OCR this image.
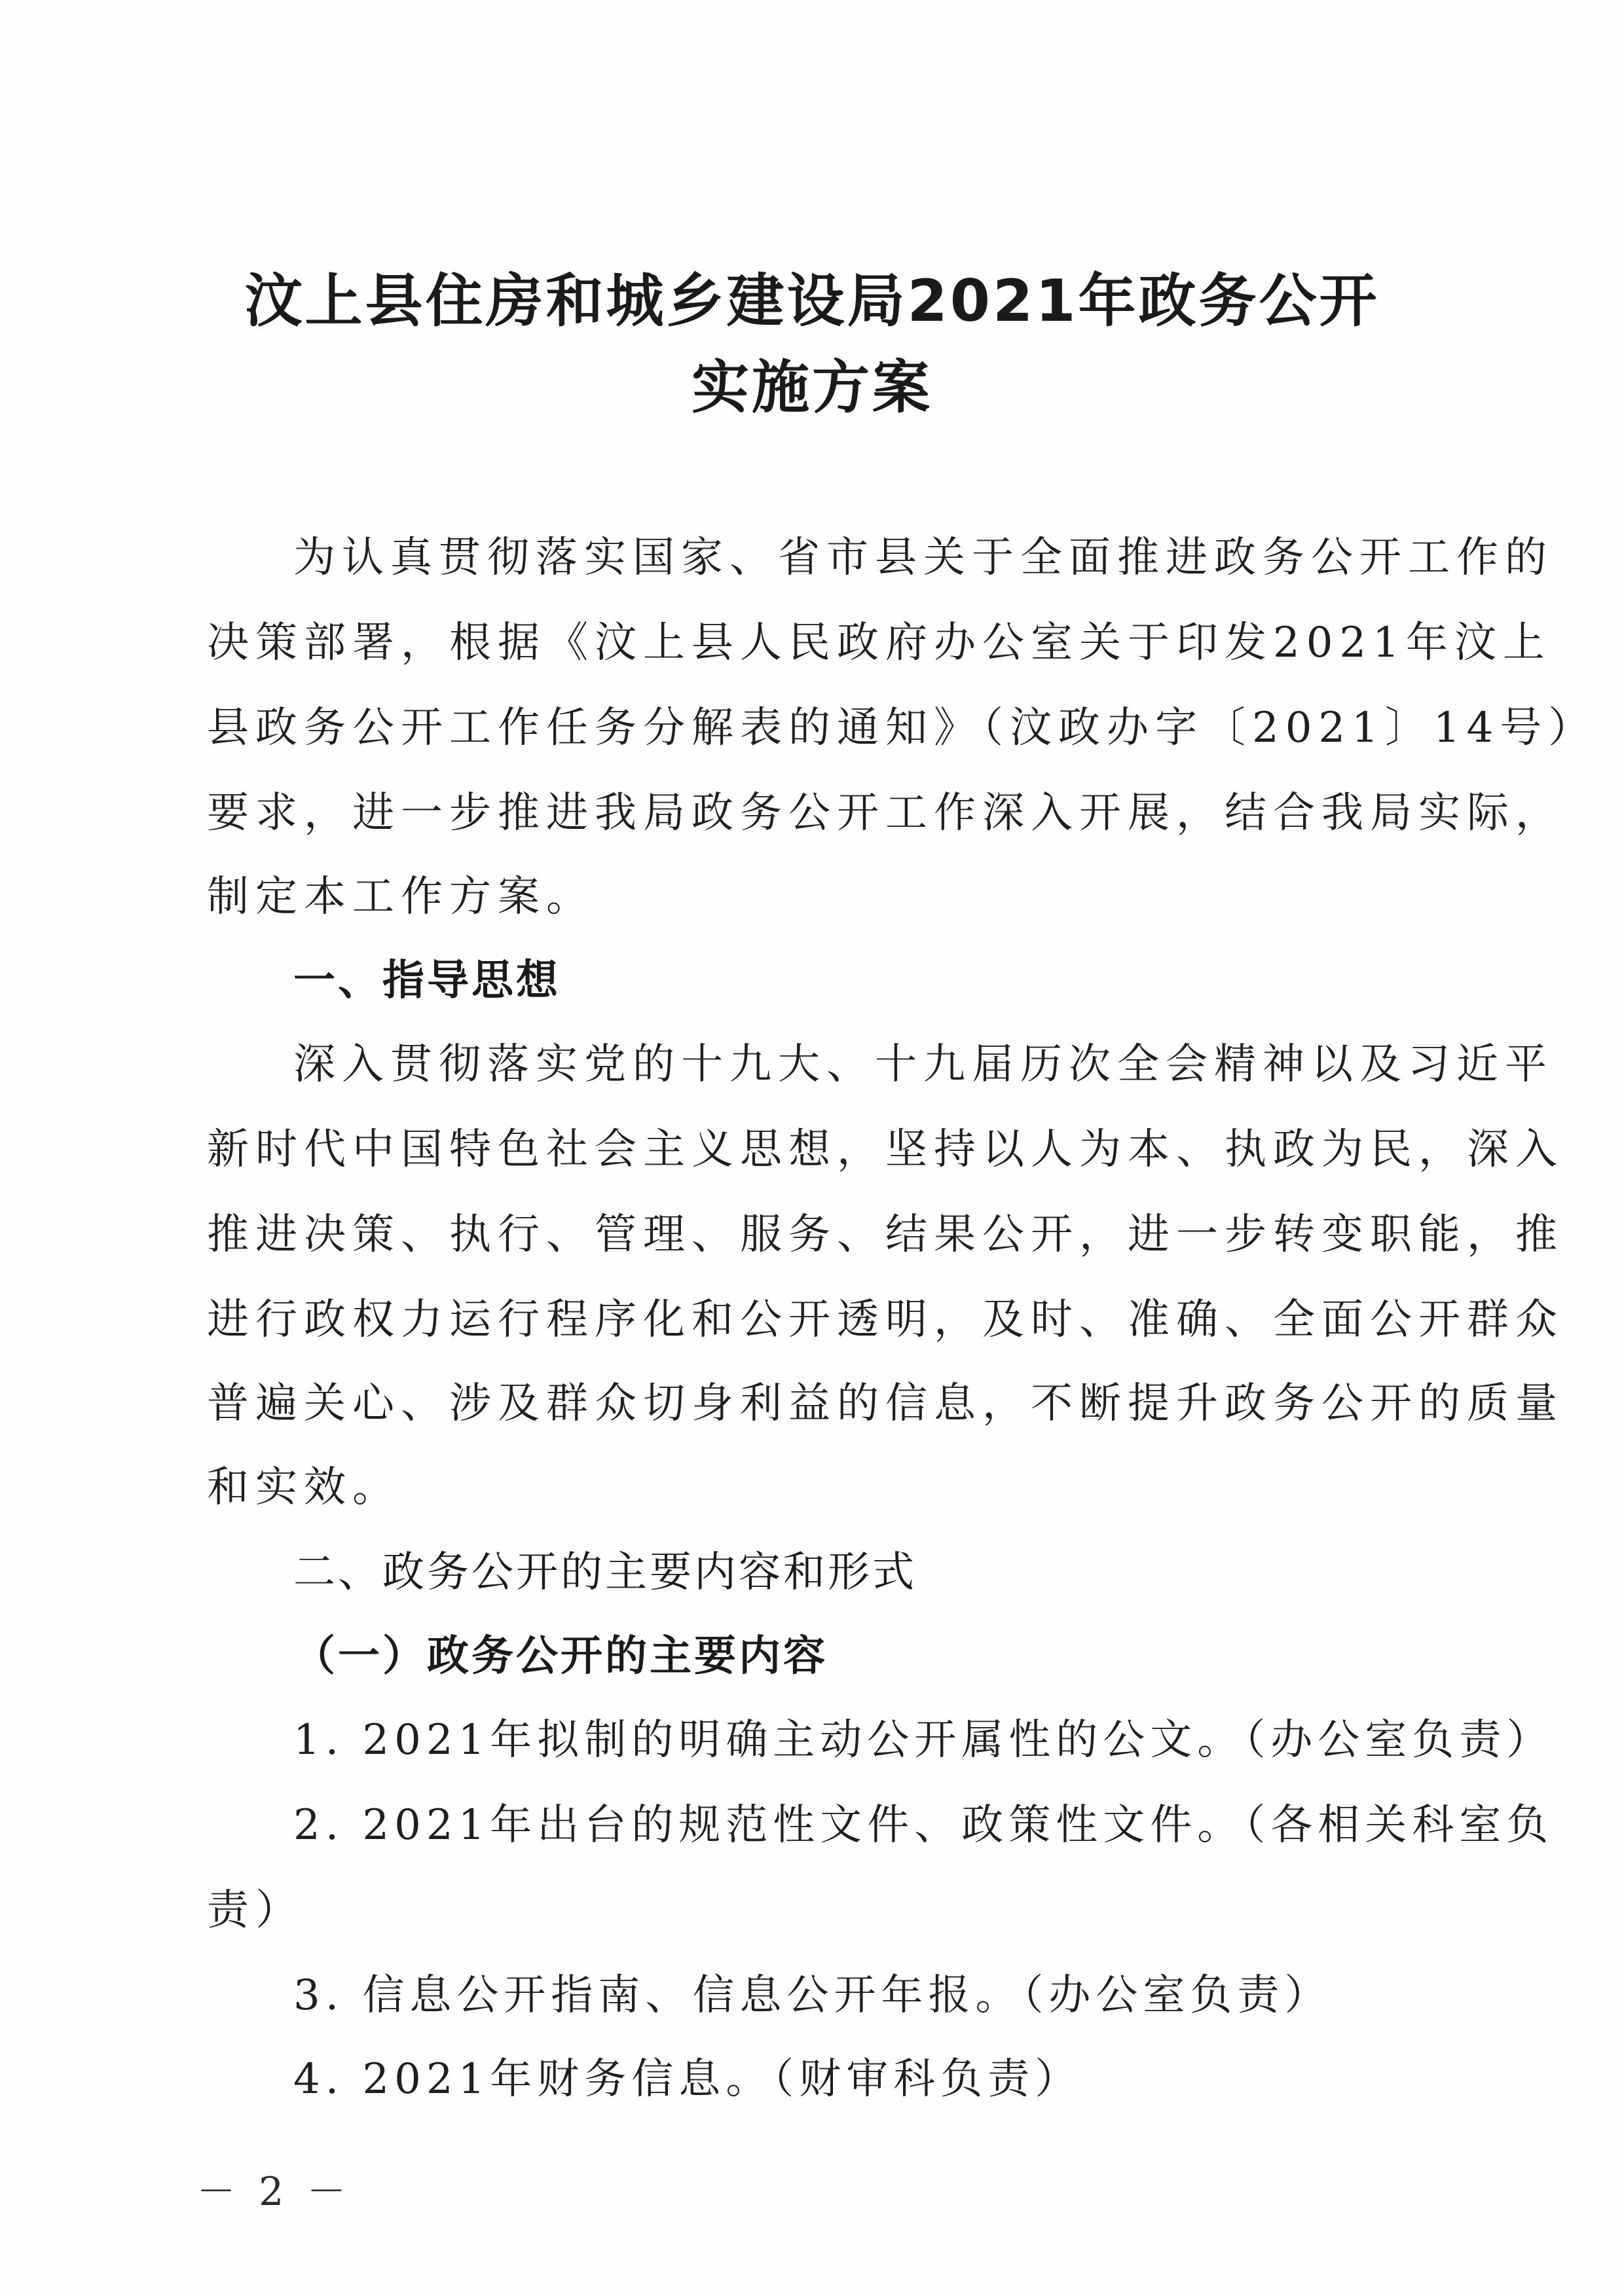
汶上县住房和城乡建设局2021年政务公开
实施方案
为认真贯彻落实国家、省市县关于全面推进政务公开工作的
决策部署，根据《汶上县人民政府办公室关于印发2021年汶上
县政务公开工作任务分解表的通知》（汶政办字〔2021〕14号）
要求，进一步推进我局政务公开工作深入开展，结合我局实际，
制定本工作方案。
一、指导思想
深入贯彻落实党的十九大、十九届历次全会精神以及习近平
新时代中国特色社会主义思想，坚持以人为本、执政为民，深入
推进决策、执行、管理、服务、结果公开，进一步转变职能，推
进行政权力运行程序化和公开透明，及时、准确、全面公开群众
普遍关心、涉及群众切身利益的信息，不断提升政务公开的质量
和实效。
二、政务公开的主要内容和形式
（一）政务公开的主要内容
1. 2021年拟制的明确主动公开属性的公文。（办公室负责）
2. 2021年出台的规范性文件、政策性文件。（各相关科室负
责）
3. 信息公开指南、信息公开年报。（办公室负责）
4. 2021年财务信息。（财审科负责）
－ 2 －
